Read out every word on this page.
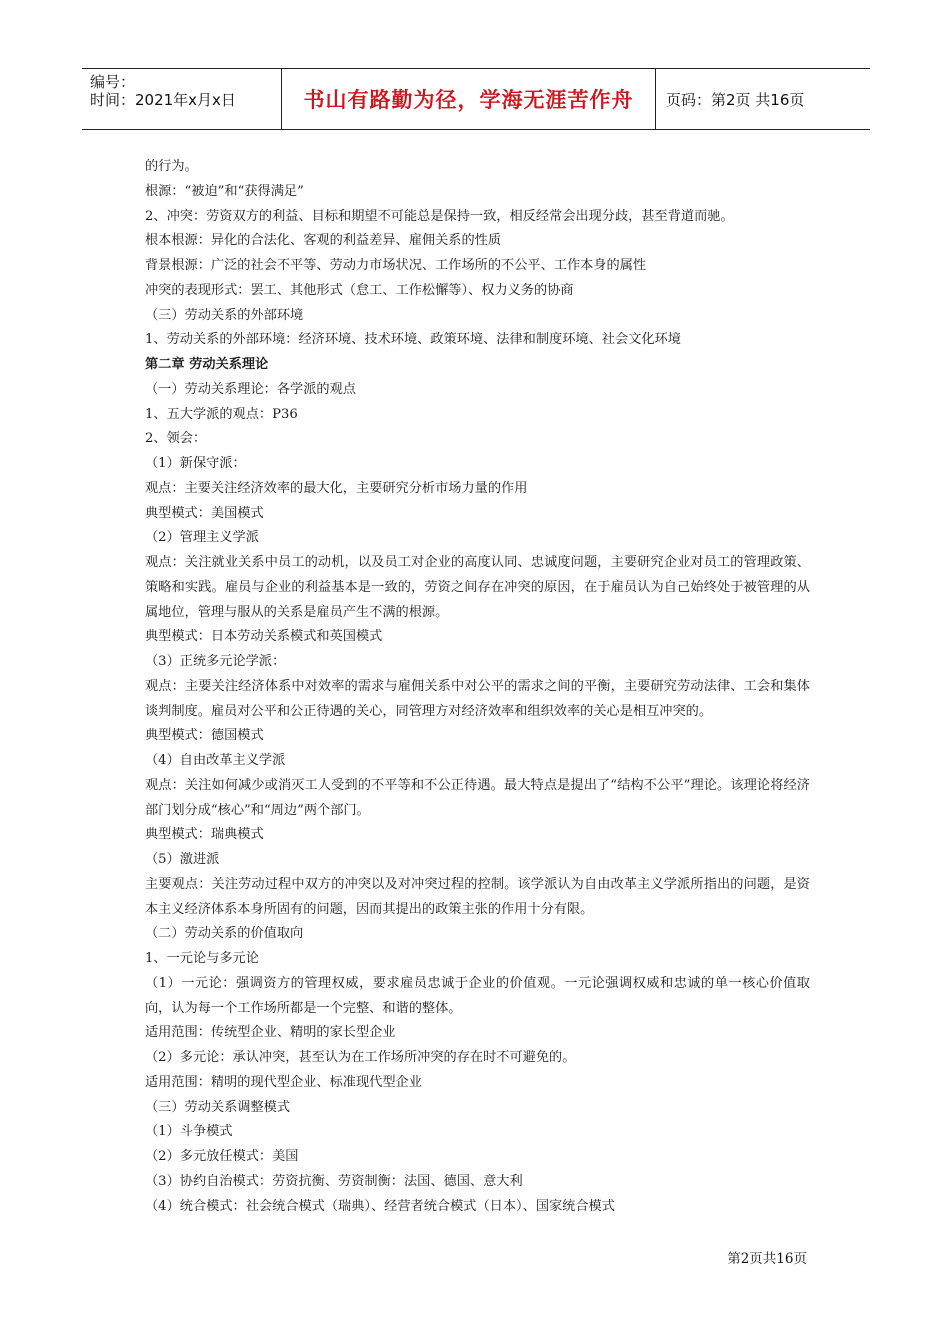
编号：
时间：2021年x月x日	书山有路勤为径，学海无涯苦作舟	页码：第2页 共16页

的行为。

根源：“被迫”和“获得满足”

2、冲突：劳资双方的利益、目标和期望不可能总是保持一致，相反经常会出现分歧，甚至背道而驰。

根本根源：异化的合法化、客观的利益差异、雇佣关系的性质

背景根源：广泛的社会不平等、劳动力市场状况、工作场所的不公平、工作本身的属性

冲突的表现形式：罢工、其他形式（怠工、工作松懈等）、权力义务的协商

（三）劳动关系的外部环境

1、劳动关系的外部环境：经济环境、技术环境、政策环境、法律和制度环境、社会文化环境

第二章 劳动关系理论

（一）劳动关系理论：各学派的观点

1、五大学派的观点：P36

2、领会：

（1）新保守派：

观点：主要关注经济效率的最大化，主要研究分析市场力量的作用

典型模式：美国模式

（2）管理主义学派

观点：关注就业关系中员工的动机，以及员工对企业的高度认同、忠诚度问题，主要研究企业对员工的管理政策、策略和实践。雇员与企业的利益基本是一致的，劳资之间存在冲突的原因，在于雇员认为自己始终处于被管理的从属地位，管理与服从的关系是雇员产生不满的根源。

典型模式：日本劳动关系模式和英国模式

（3）正统多元论学派：

观点：主要关注经济体系中对效率的需求与雇佣关系中对公平的需求之间的平衡，主要研究劳动法律、工会和集体谈判制度。雇员对公平和公正待遇的关心，同管理方对经济效率和组织效率的关心是相互冲突的。

典型模式：德国模式

（4）自由改革主义学派

观点：关注如何减少或消灭工人受到的不平等和不公正待遇。最大特点是提出了“结构不公平”理论。该理论将经济部门划分成“核心”和“周边”两个部门。

典型模式：瑞典模式

（5）激进派

主要观点：关注劳动过程中双方的冲突以及对冲突过程的控制。该学派认为自由改革主义学派所指出的问题，是资本主义经济体系本身所固有的问题，因而其提出的政策主张的作用十分有限。

（二）劳动关系的价值取向

1、一元论与多元论

（1）一元论：强调资方的管理权威，要求雇员忠诚于企业的价值观。一元论强调权威和忠诚的单一核心价值取向，认为每一个工作场所都是一个完整、和谐的整体。

适用范围：传统型企业、精明的家长型企业

（2）多元论：承认冲突，甚至认为在工作场所冲突的存在时不可避免的。

适用范围：精明的现代型企业、标准现代型企业

（三）劳动关系调整模式

（1）斗争模式

（2）多元放任模式：美国

（3）协约自治模式：劳资抗衡、劳资制衡：法国、德国、意大利

（4）统合模式：社会统合模式（瑞典）、经营者统合模式（日本）、国家统合模式

第2页共16页
